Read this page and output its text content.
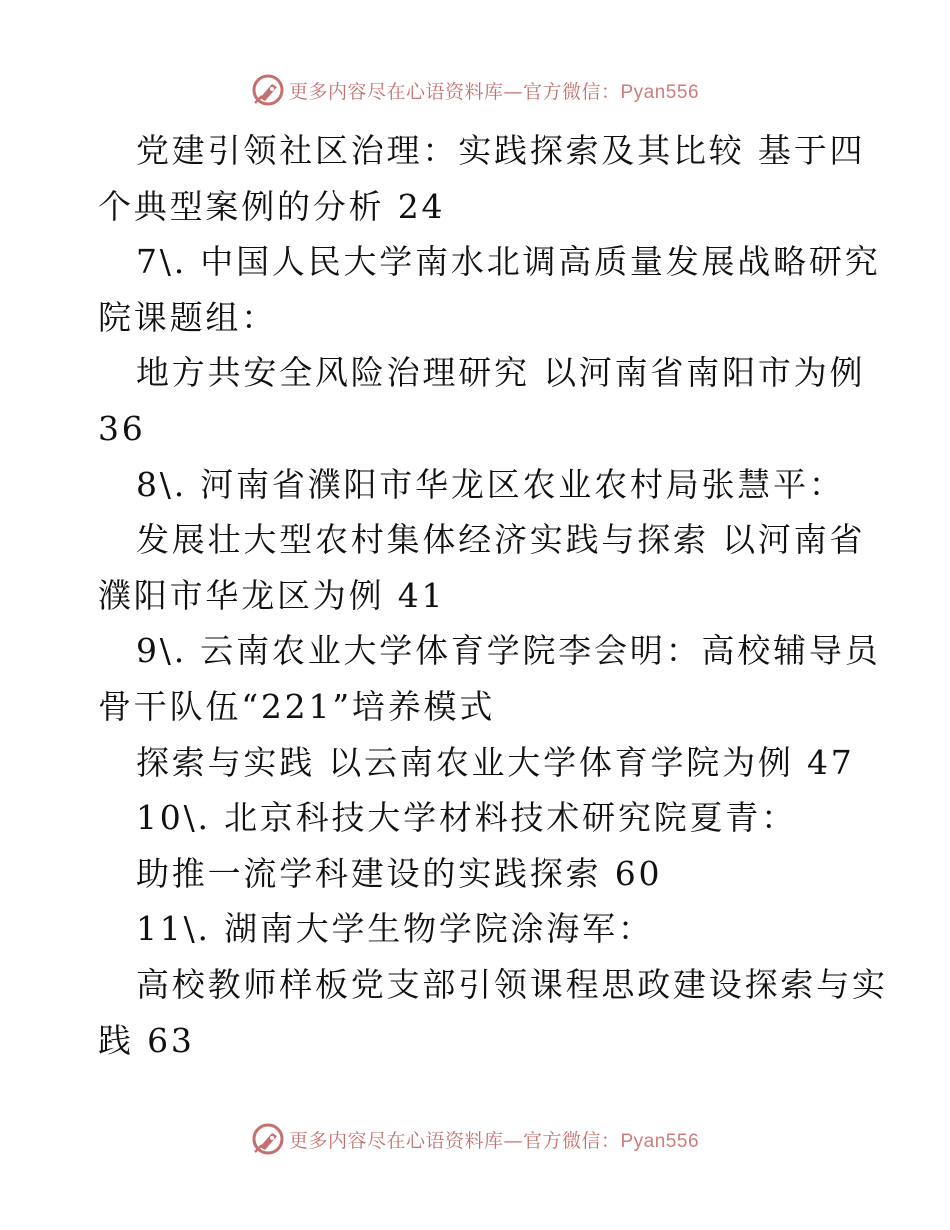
更多内容尽在心语资料库—官方微信：Pyan556
党建引领社区治理：实践探索及其比较 基于四
个典型案例的分析 24
7\. 中国人民大学南水北调高质量发展战略研究
院课题组：
地方共安全风险治理研究 以河南省南阳市为例
36
8\. 河南省濮阳市华龙区农业农村局张慧平：
发展壮大型农村集体经济实践与探索 以河南省
濮阳市华龙区为例 41
9\. 云南农业大学体育学院李会明：高校辅导员
骨干队伍“221”培养模式
探索与实践 以云南农业大学体育学院为例 47
10\. 北京科技大学材料技术研究院夏青：
助推一流学科建设的实践探索 60
11\. 湖南大学生物学院涂海军：
高校教师样板党支部引领课程思政建设探索与实
践 63
更多内容尽在心语资料库—官方微信：Pyan556
